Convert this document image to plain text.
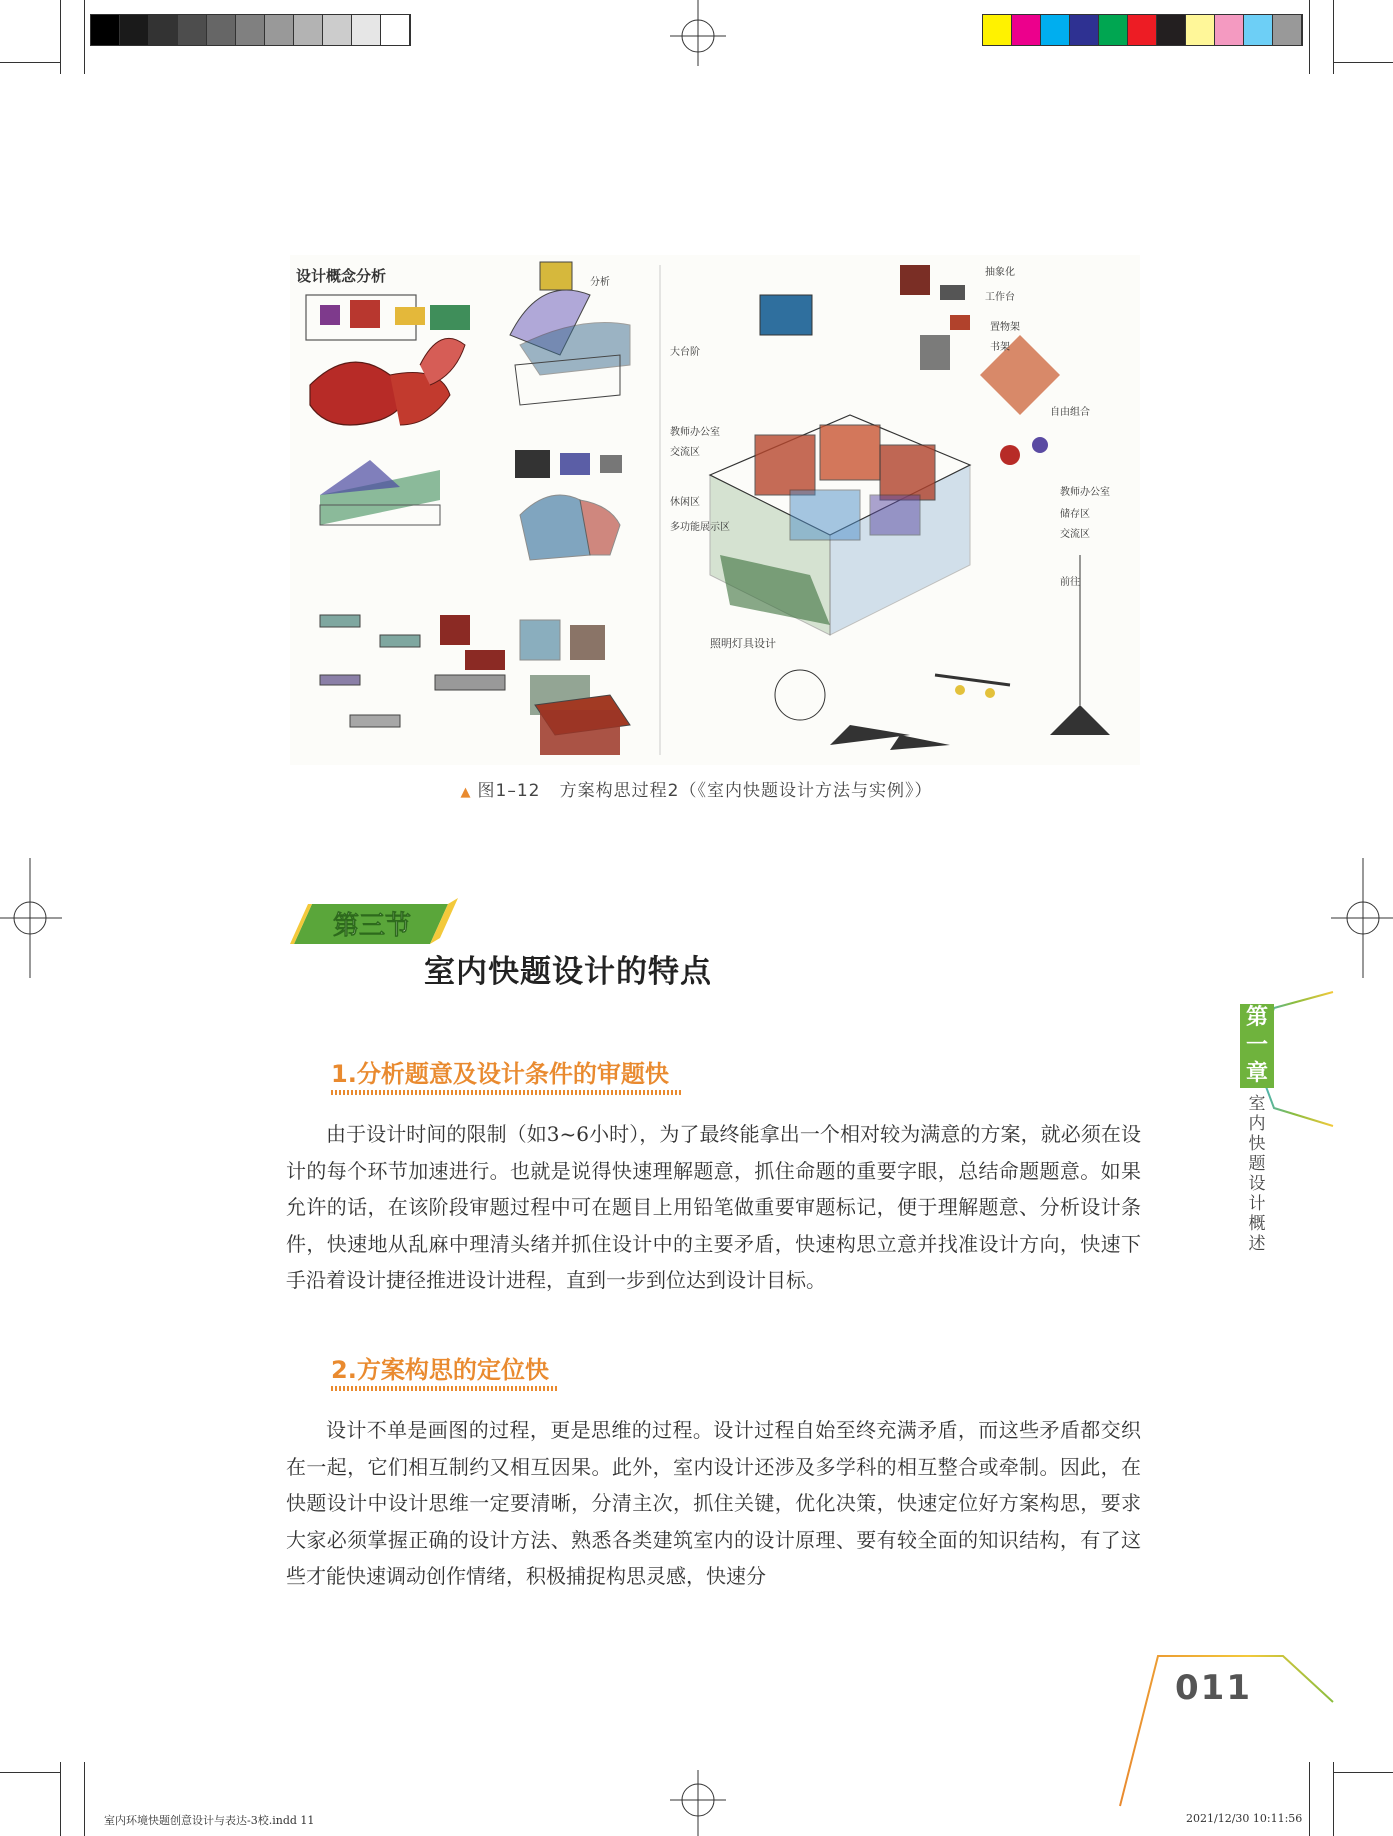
设计概念分析
大台阶
教师办公室
交流区
休闲区
多功能展示区
抽象化
工作台
置物架
书架
自由组合
教师办公室
储存区
交流区
前往
照明灯具设计
分析
▲ 图1–12 方案构思过程2（《室内快题设计方法与实例》）
第三节
室内快题设计的特点
1.分析题意及设计条件的审题快
由于设计时间的限制（如3~6小时），为了最终能拿出一个相对较为满意的方案，就必须在设计的每个环节加速进行。也就是说得快速理解题意，抓住命题的重要字眼，总结命题题意。如果允许的话，在该阶段审题过程中可在题目上用铅笔做重要审题标记，便于理解题意、分析设计条件，快速地从乱麻中理清头绪并抓住设计中的主要矛盾，快速构思立意并找准设计方向，快速下手沿着设计捷径推进设计进程，直到一步到位达到设计目标。
2.方案构思的定位快
设计不单是画图的过程，更是思维的过程。设计过程自始至终充满矛盾，而这些矛盾都交织在一起，它们相互制约又相互因果。此外，室内设计还涉及多学科的相互整合或牵制。因此，在快题设计中设计思维一定要清晰，分清主次，抓住关键，优化决策，快速定位好方案构思，要求大家必须掌握正确的设计方法、熟悉各类建筑室内的设计原理、要有较全面的知识结构，有了这些才能快速调动创作情绪，积极捕捉构思灵感，快速分
第
一
章
室
内
快
题
设
计
概
述
011
室内环境快题创意设计与表达-3校.indd 11	2021/12/30 10:11:56
